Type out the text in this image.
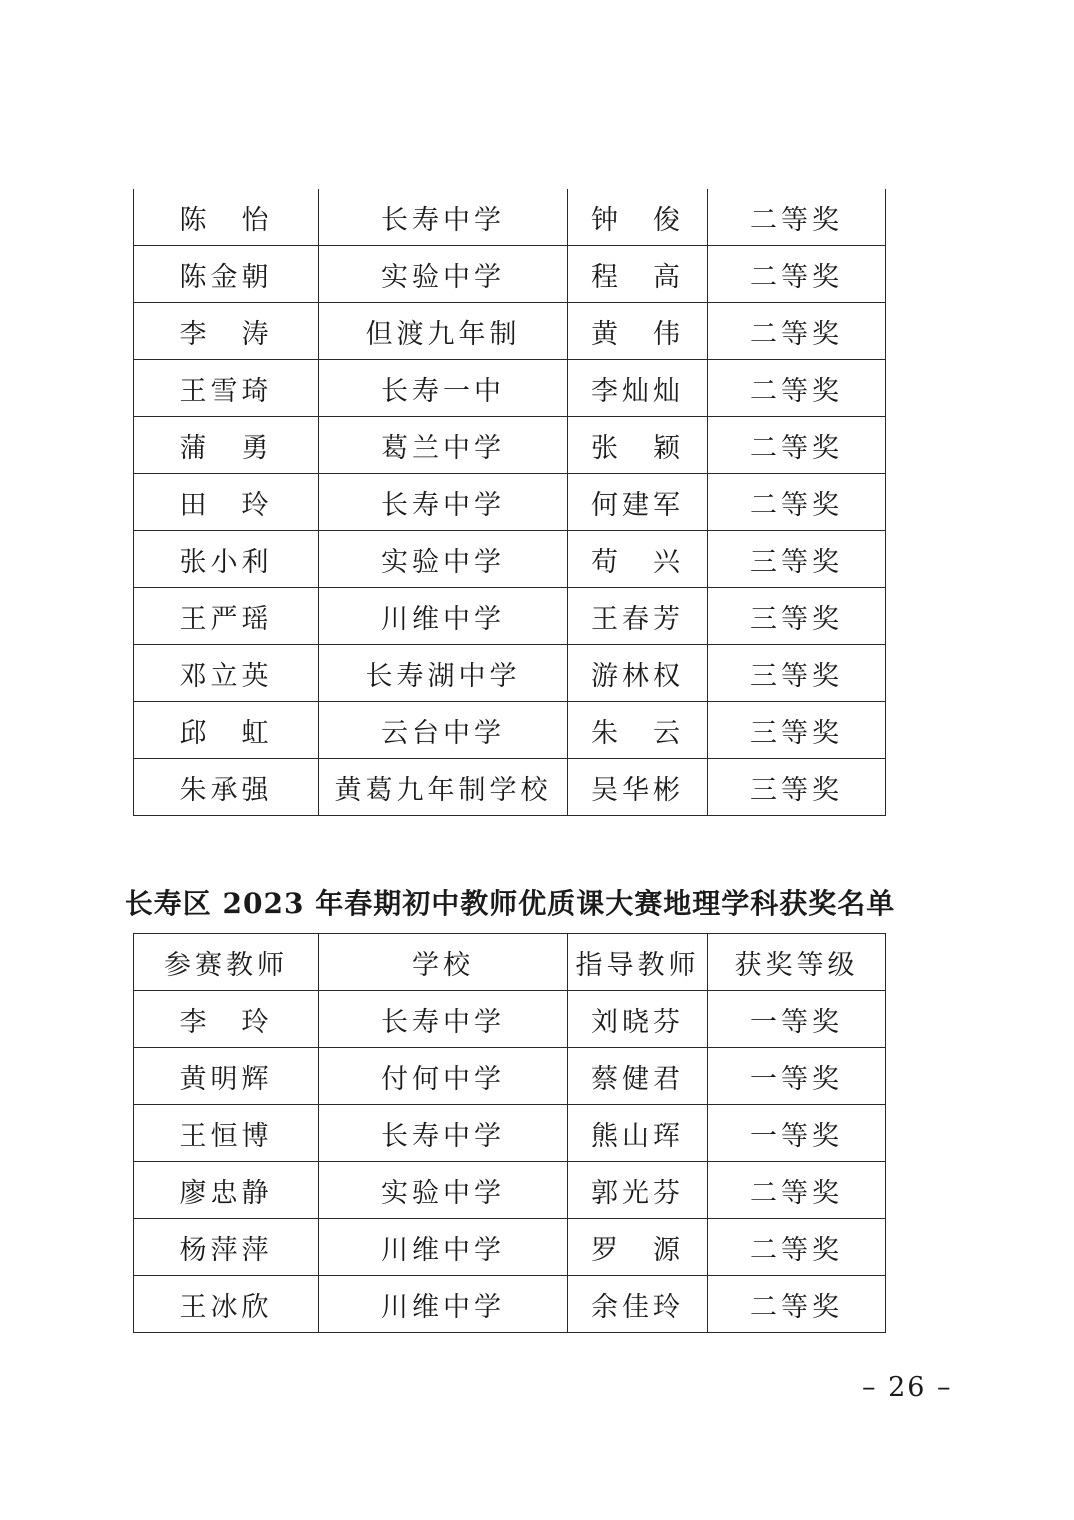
陈　怡	长寿中学	钟　俊	二等奖
陈金朝	实验中学	程　高	二等奖
李　涛	但渡九年制	黄　伟	二等奖
王雪琦	长寿一中	李灿灿	二等奖
蒲　勇	葛兰中学	张　颖	二等奖
田　玲	长寿中学	何建军	二等奖
张小利	实验中学	苟　兴	三等奖
王严瑶	川维中学	王春芳	三等奖
邓立英	长寿湖中学	游林权	三等奖
邱　虹	云台中学	朱　云	三等奖
朱承强	黄葛九年制学校	吴华彬	三等奖
长寿区 2023 年春期初中教师优质课大赛地理学科获奖名单
参赛教师	学校	指导教师	获奖等级
李　玲	长寿中学	刘晓芬	一等奖
黄明辉	付何中学	蔡健君	一等奖
王恒博	长寿中学	熊山珲	一等奖
廖忠静	实验中学	郭光芬	二等奖
杨萍萍	川维中学	罗　源	二等奖
王冰欣	川维中学	余佳玲	二等奖
– 26 –
